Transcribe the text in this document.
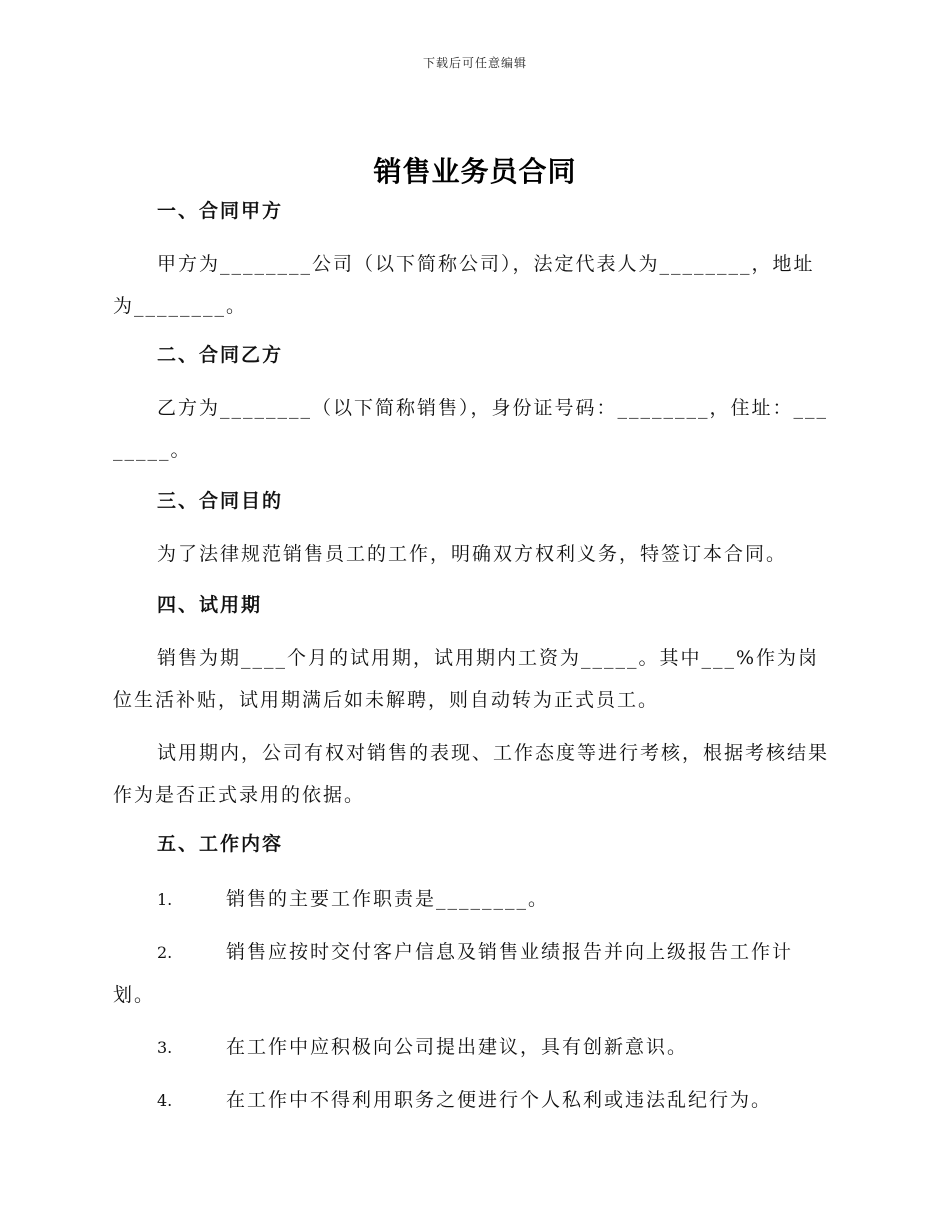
下载后可任意编辑
销售业务员合同

一、合同甲方

甲方为________公司（以下简称公司），法定代表人为________，地址为________。

二、合同乙方

乙方为________（以下简称销售），身份证号码：________，住址：________。

三、合同目的

为了法律规范销售员工的工作，明确双方权利义务，特签订本合同。

四、试用期

销售为期____个月的试用期，试用期内工资为_____。其中___%作为岗位生活补贴，试用期满后如未解聘，则自动转为正式员工。

试用期内，公司有权对销售的表现、工作态度等进行考核，根据考核结果作为是否正式录用的依据。

五、工作内容

1.	销售的主要工作职责是________。

2.	销售应按时交付客户信息及销售业绩报告并向上级报告工作计划。

3.	在工作中应积极向公司提出建议，具有创新意识。

4.	在工作中不得利用职务之便进行个人私利或违法乱纪行为。
